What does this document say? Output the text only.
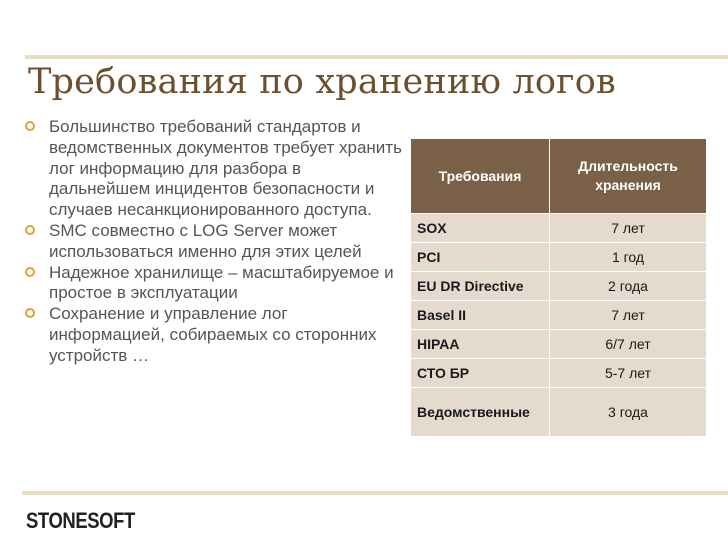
Требования по хранению логов
Большинство требований стандартов и ведомственных документов требует хранить лог информацию для разбора в дальнейшем инцидентов безопасности и случаев несанкционированного доступа.
SMC совместно с LOG Server может использоваться именно для этих целей
Надежное хранилище – масштабируемое и простое в эксплуатации
Сохранение и управление лог информацией, собираемых со сторонних устройств …
Требования	Длительность хранения
SOX	7 лет
PCI	1 год
EU DR Directive	2 года
Basel II	7 лет
HIPAA	6/7 лет
СТО БР	5-7 лет
Ведомственные	3 года
STONESOFT
